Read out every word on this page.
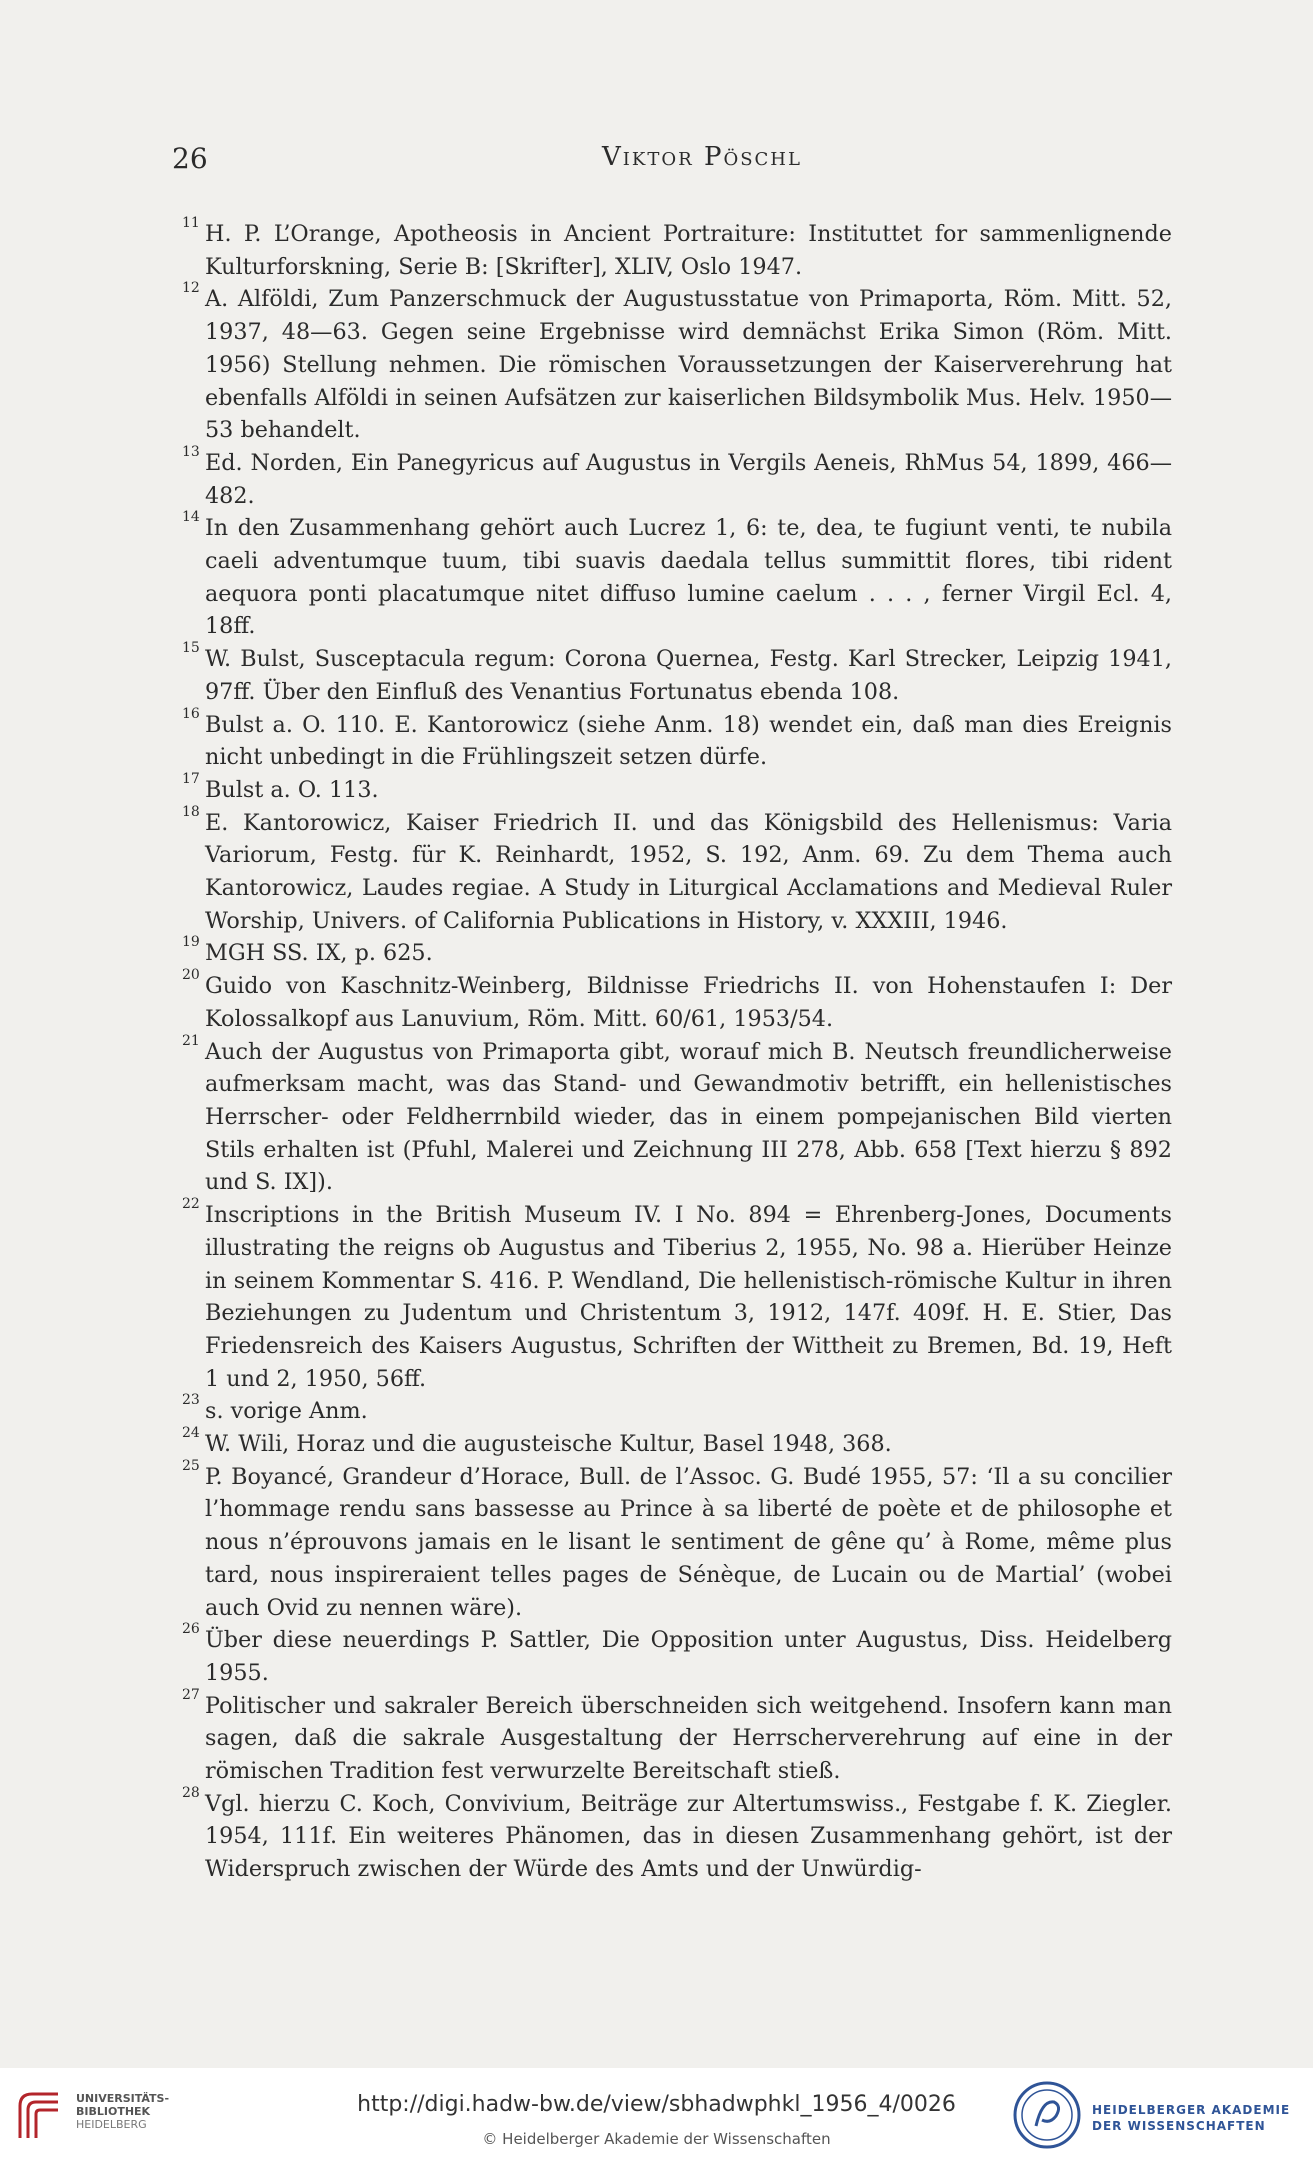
26	Viktor Pöschl
11 H. P. L’Orange, Apotheosis in Ancient Portraiture: Instituttet for sammenlignende Kulturforskning, Serie B: [Skrifter], XLIV, Oslo 1947.
12 A. Alföldi, Zum Panzerschmuck der Augustusstatue von Primaporta, Röm. Mitt. 52, 1937, 48—63. Gegen seine Ergebnisse wird demnächst Erika Simon (Röm. Mitt. 1956) Stellung nehmen. Die römischen Voraussetzungen der Kaiserverehrung hat ebenfalls Alföldi in seinen Aufsätzen zur kaiserlichen Bildsymbolik Mus. Helv. 1950—53 behandelt.
13 Ed. Norden, Ein Panegyricus auf Augustus in Vergils Aeneis, RhMus 54, 1899, 466—482.
14 In den Zusammenhang gehört auch Lucrez 1, 6: te, dea, te fugiunt venti, te nubila caeli adventumque tuum, tibi suavis daedala tellus summittit flores, tibi rident aequora ponti placatumque nitet diffuso lumine caelum . . . , ferner Virgil Ecl. 4, 18ff.
15 W. Bulst, Susceptacula regum: Corona Quernea, Festg. Karl Strecker, Leipzig 1941, 97ff. Über den Einfluß des Venantius Fortunatus ebenda 108.
16 Bulst a. O. 110. E. Kantorowicz (siehe Anm. 18) wendet ein, daß man dies Ereignis nicht unbedingt in die Frühlingszeit setzen dürfe.
17 Bulst a. O. 113.
18 E. Kantorowicz, Kaiser Friedrich II. und das Königsbild des Hellenismus: Varia Variorum, Festg. für K. Reinhardt, 1952, S. 192, Anm. 69. Zu dem Thema auch Kantorowicz, Laudes regiae. A Study in Liturgical Acclamations and Medieval Ruler Worship, Univers. of California Publications in History, v. XXXIII, 1946.
19 MGH SS. IX, p. 625.
20 Guido von Kaschnitz-Weinberg, Bildnisse Friedrichs II. von Hohenstaufen I: Der Kolossalkopf aus Lanuvium, Röm. Mitt. 60/61, 1953/54.
21 Auch der Augustus von Primaporta gibt, worauf mich B. Neutsch freundlicherweise aufmerksam macht, was das Stand- und Gewandmotiv betrifft, ein hellenistisches Herrscher- oder Feldherrnbild wieder, das in einem pompejanischen Bild vierten Stils erhalten ist (Pfuhl, Malerei und Zeichnung III 278, Abb. 658 [Text hierzu § 892 und S. IX]).
22 Inscriptions in the British Museum IV. I No. 894 = Ehrenberg-Jones, Documents illustrating the reigns ob Augustus and Tiberius 2, 1955, No. 98 a. Hierüber Heinze in seinem Kommentar S. 416. P. Wendland, Die hellenistisch-römische Kultur in ihren Beziehungen zu Judentum und Christentum 3, 1912, 147f. 409f. H. E. Stier, Das Friedensreich des Kaisers Augustus, Schriften der Wittheit zu Bremen, Bd. 19, Heft 1 und 2, 1950, 56ff.
23 s. vorige Anm.
24 W. Wili, Horaz und die augusteische Kultur, Basel 1948, 368.
25 P. Boyancé, Grandeur d’Horace, Bull. de l’Assoc. G. Budé 1955, 57: ‘Il a su concilier l’hommage rendu sans bassesse au Prince à sa liberté de poète et de philosophe et nous n’éprouvons jamais en le lisant le sentiment de gêne qu’ à Rome, même plus tard, nous inspireraient telles pages de Sénèque, de Lucain ou de Martial’ (wobei auch Ovid zu nennen wäre).
26 Über diese neuerdings P. Sattler, Die Opposition unter Augustus, Diss. Heidelberg 1955.
27 Politischer und sakraler Bereich überschneiden sich weitgehend. Insofern kann man sagen, daß die sakrale Ausgestaltung der Herrscherverehrung auf eine in der römischen Tradition fest verwurzelte Bereitschaft stieß.
28 Vgl. hierzu C. Koch, Convivium, Beiträge zur Altertumswiss., Festgabe f. K. Ziegler. 1954, 111f. Ein weiteres Phänomen, das in diesen Zusammenhang gehört, ist der Widerspruch zwischen der Würde des Amts und der Unwürdig-
UNIVERSITÄTS-
BIBLIOTHEK
HEIDELBERG
http://digi.hadw-bw.de/view/sbhadwphkl_1956_4/0026
© Heidelberger Akademie der Wissenschaften
HEIDELBERGER AKADEMIE
DER WISSENSCHAFTEN
